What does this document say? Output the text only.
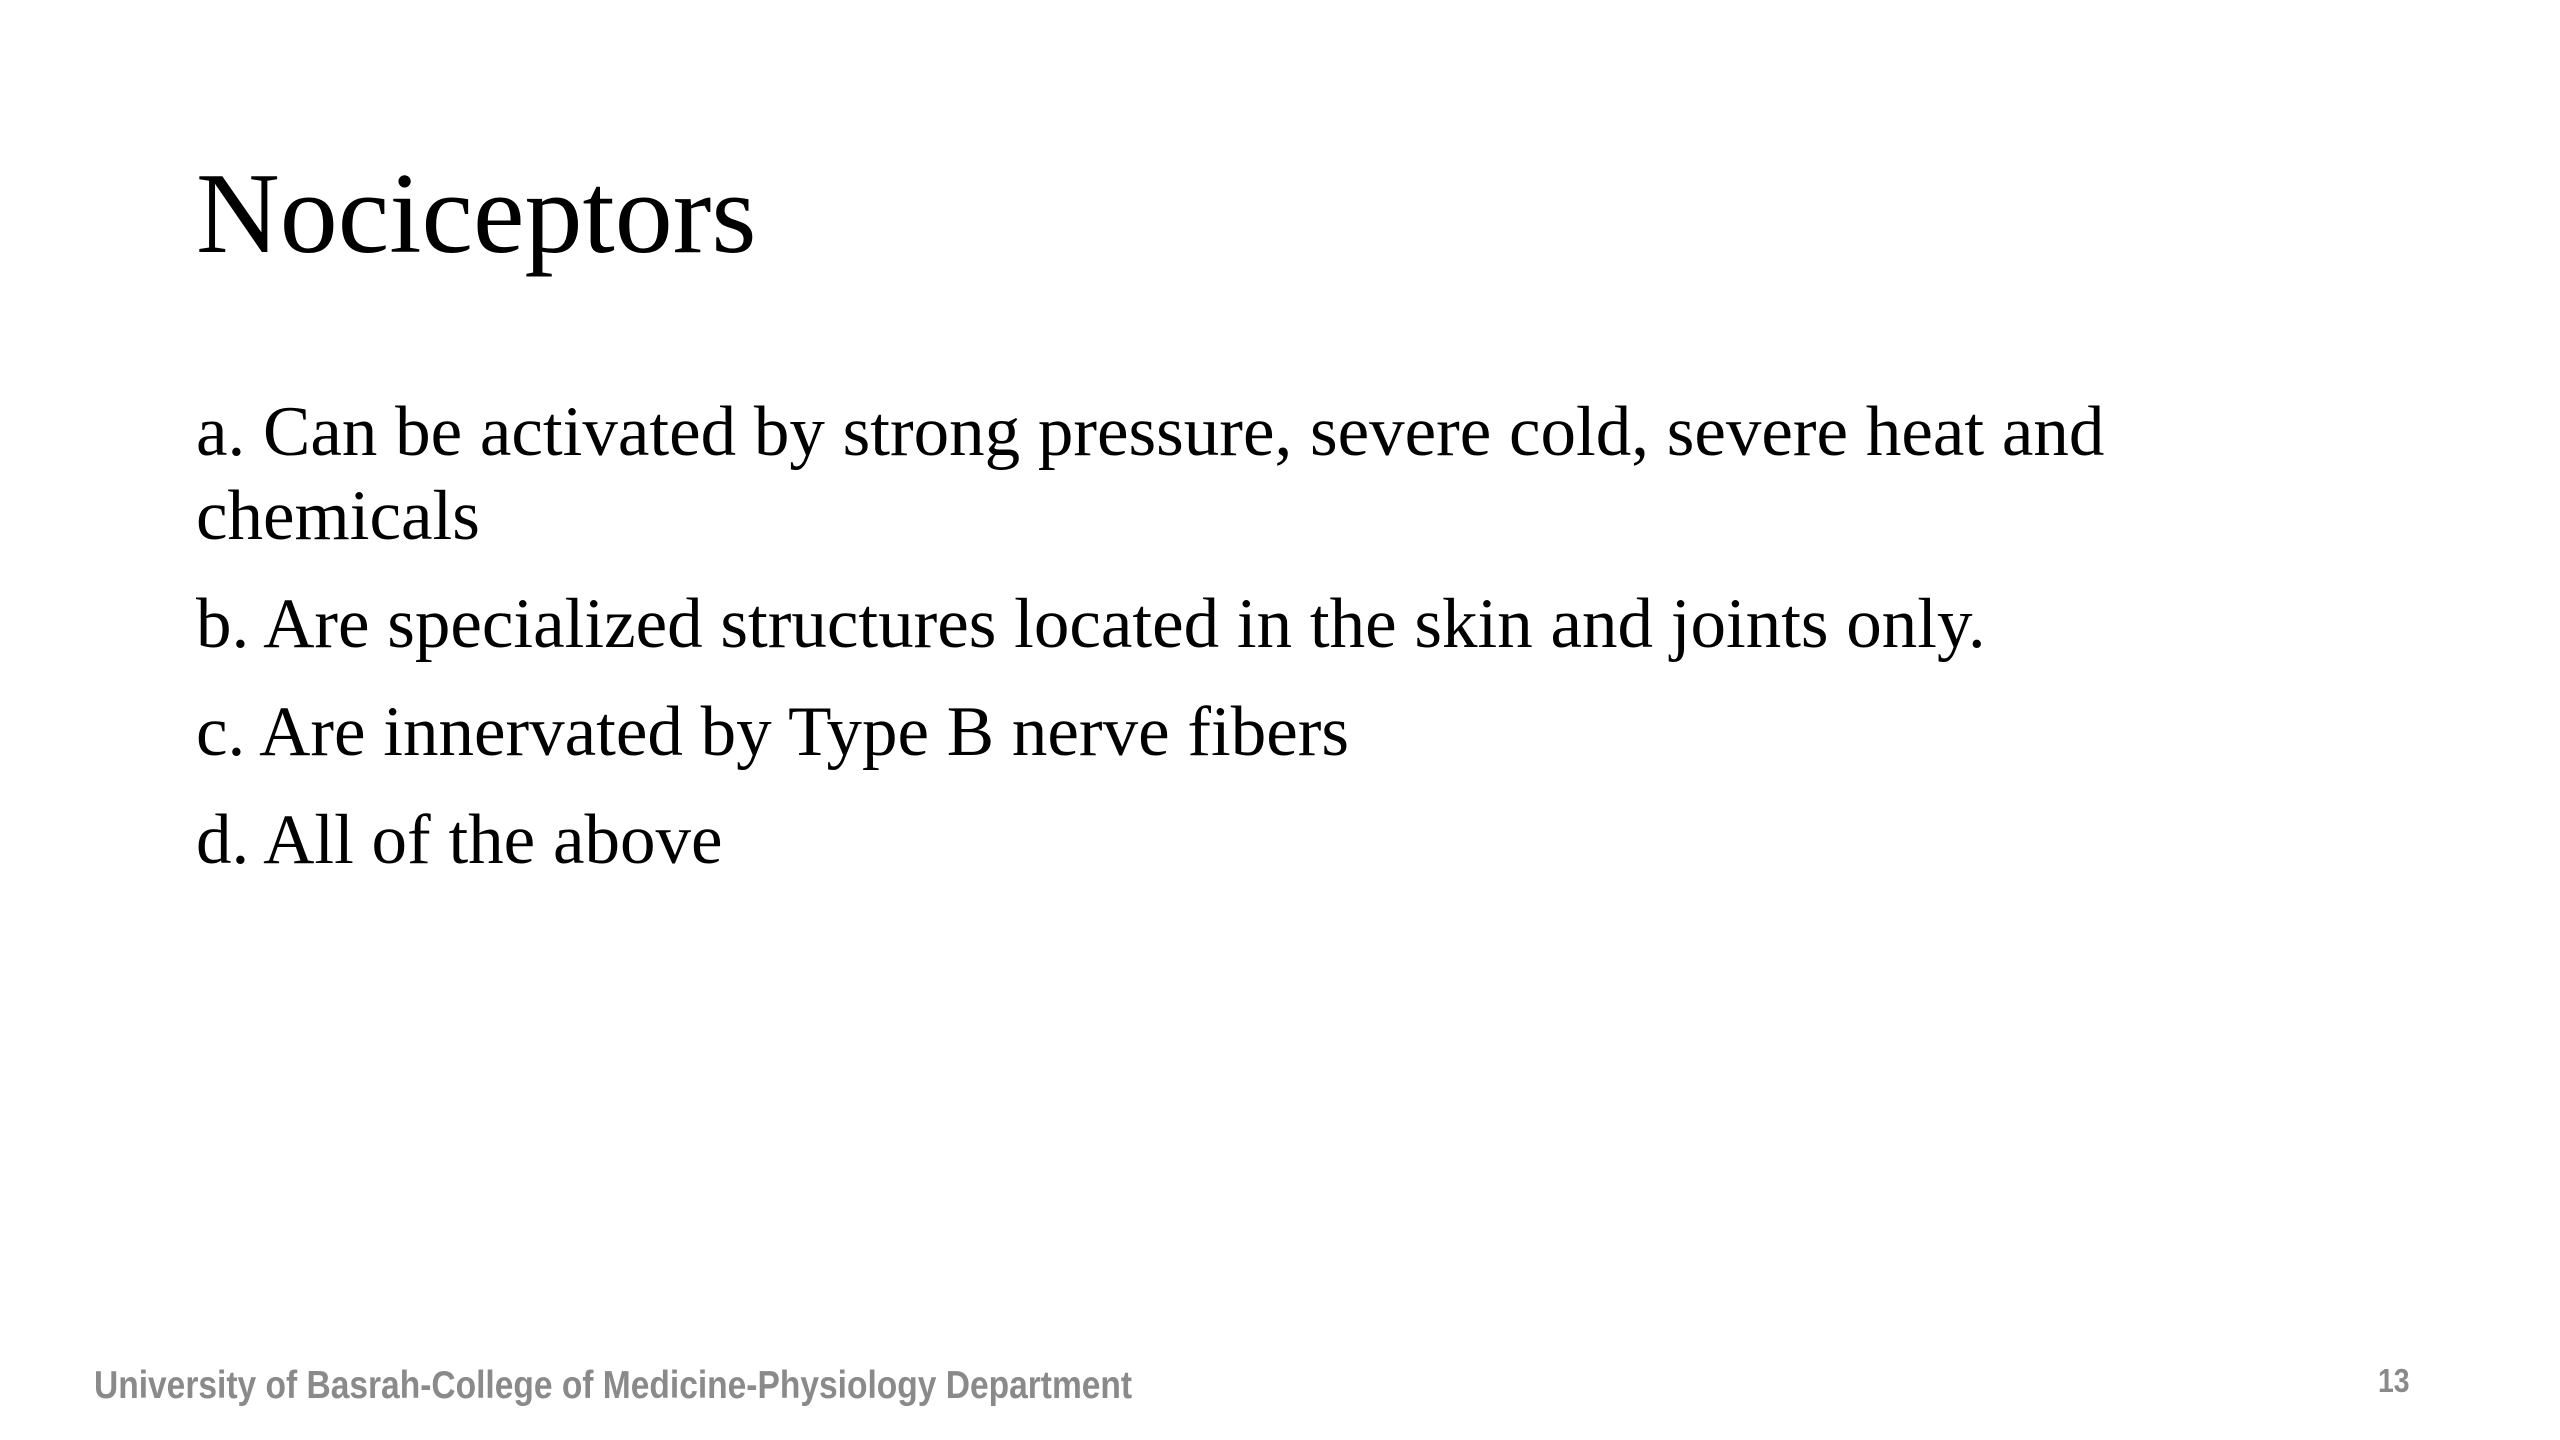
Nociceptors
a. Can be activated by strong pressure, severe cold, severe heat and chemicals
b. Are specialized structures located in the skin and joints only.
c. Are innervated by Type B nerve fibers
d. All of the above
University of Basrah-College of Medicine-Physiology Department	13
